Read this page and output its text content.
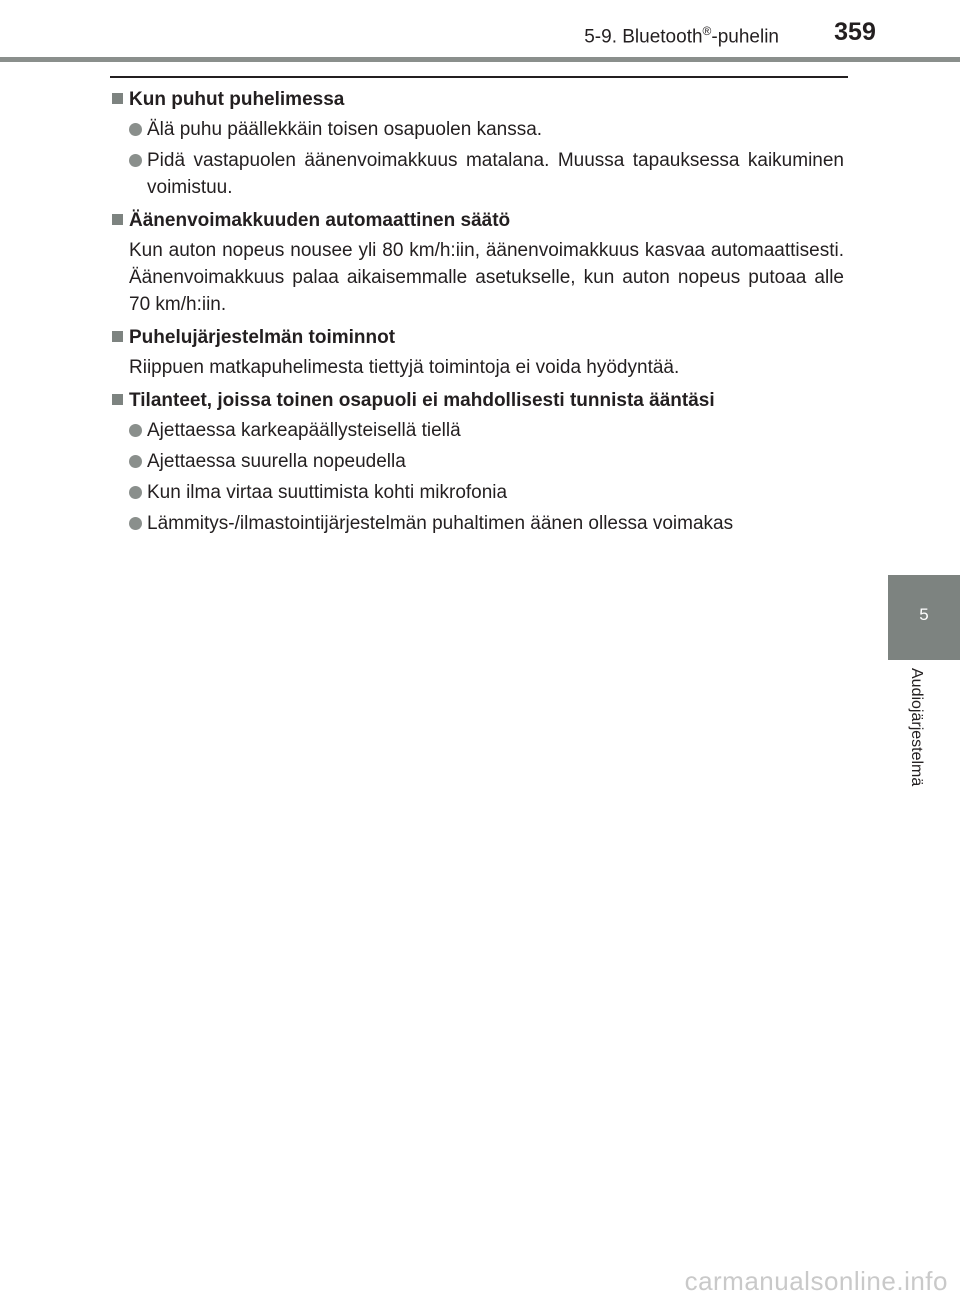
5-9. Bluetooth®-puhelin 359
5
Audiojärjestelmä
Kun puhut puhelimessa
Älä puhu päällekkäin toisen osapuolen kanssa.
Pidä vastapuolen äänenvoimakkuus matalana. Muussa tapauksessa kaikuminen voimistuu.
Äänenvoimakkuuden automaattinen säätö
Kun auton nopeus nousee yli 80 km/h:iin, äänenvoimakkuus kasvaa automaattisesti. Äänenvoimakkuus palaa aikaisemmalle asetukselle, kun auton nopeus putoaa alle 70 km/h:iin.
Puhelujärjestelmän toiminnot
Riippuen matkapuhelimesta tiettyjä toimintoja ei voida hyödyntää.
Tilanteet, joissa toinen osapuoli ei mahdollisesti tunnista ääntäsi
Ajettaessa karkeapäällysteisellä tiellä
Ajettaessa suurella nopeudella
Kun ilma virtaa suuttimista kohti mikrofonia
Lämmitys-/ilmastointijärjestelmän puhaltimen äänen ollessa voimakas
carmanualsonline.info
